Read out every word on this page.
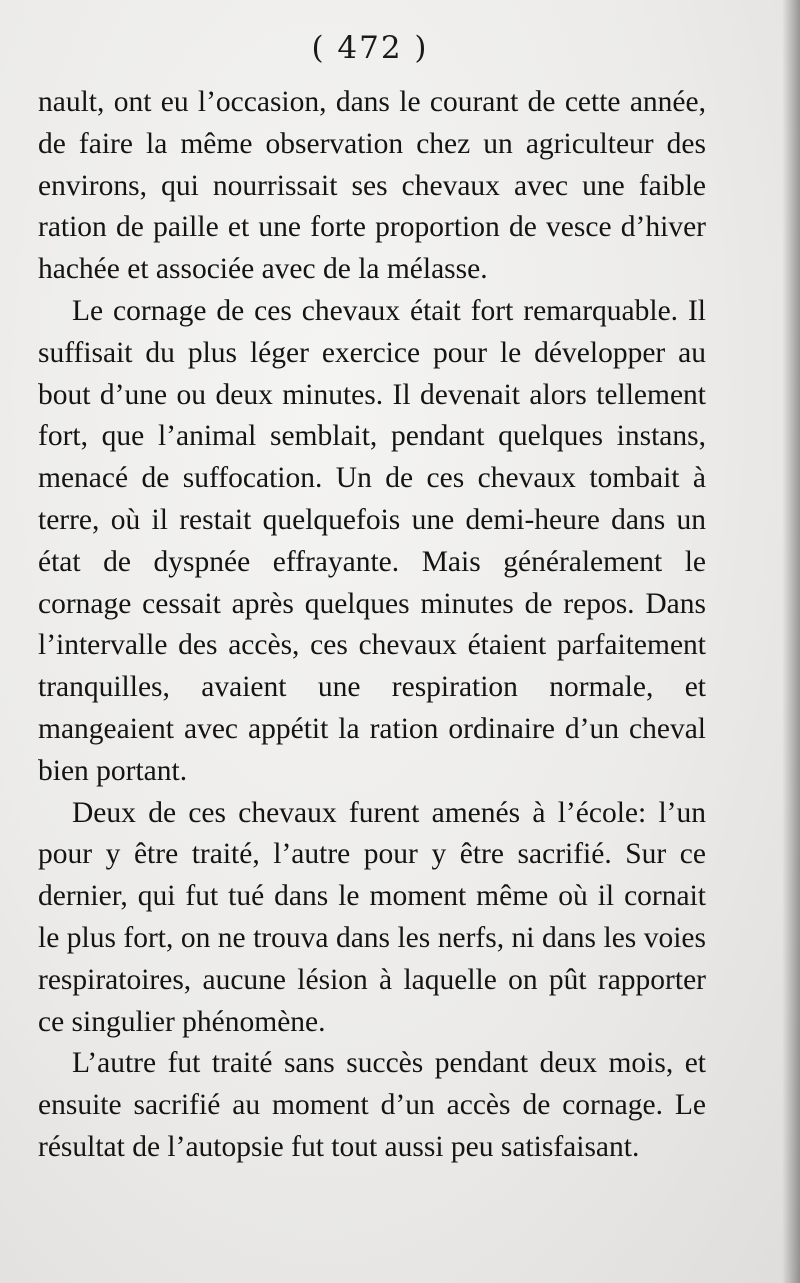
( 472 )

nault, ont eu l’occasion, dans le courant de cette année, de faire la même observation chez un agriculteur des environs, qui nourrissait ses chevaux avec une faible ration de paille et une forte proportion de vesce d’hiver hachée et associée avec de la mélasse.

Le cornage de ces chevaux était fort remarquable. Il suffisait du plus léger exercice pour le développer au bout d’une ou deux minutes. Il devenait alors tellement fort, que l’animal semblait, pendant quelques instans, menacé de suffocation. Un de ces chevaux tombait à terre, où il restait quelquefois une demi-heure dans un état de dyspnée effrayante. Mais généralement le cornage cessait après quelques minutes de repos. Dans l’intervalle des accès, ces chevaux étaient parfaitement tranquilles, avaient une respiration normale, et mangeaient avec appétit la ration ordinaire d’un cheval bien portant.

Deux de ces chevaux furent amenés à l’école: l’un pour y être traité, l’autre pour y être sacrifié. Sur ce dernier, qui fut tué dans le moment même où il cornait le plus fort, on ne trouva dans les nerfs, ni dans les voies respiratoires, aucune lésion à laquelle on pût rapporter ce singulier phénomène.

L’autre fut traité sans succès pendant deux mois, et ensuite sacrifié au moment d’un accès de cornage. Le résultat de l’autopsie fut tout aussi peu satisfaisant.
